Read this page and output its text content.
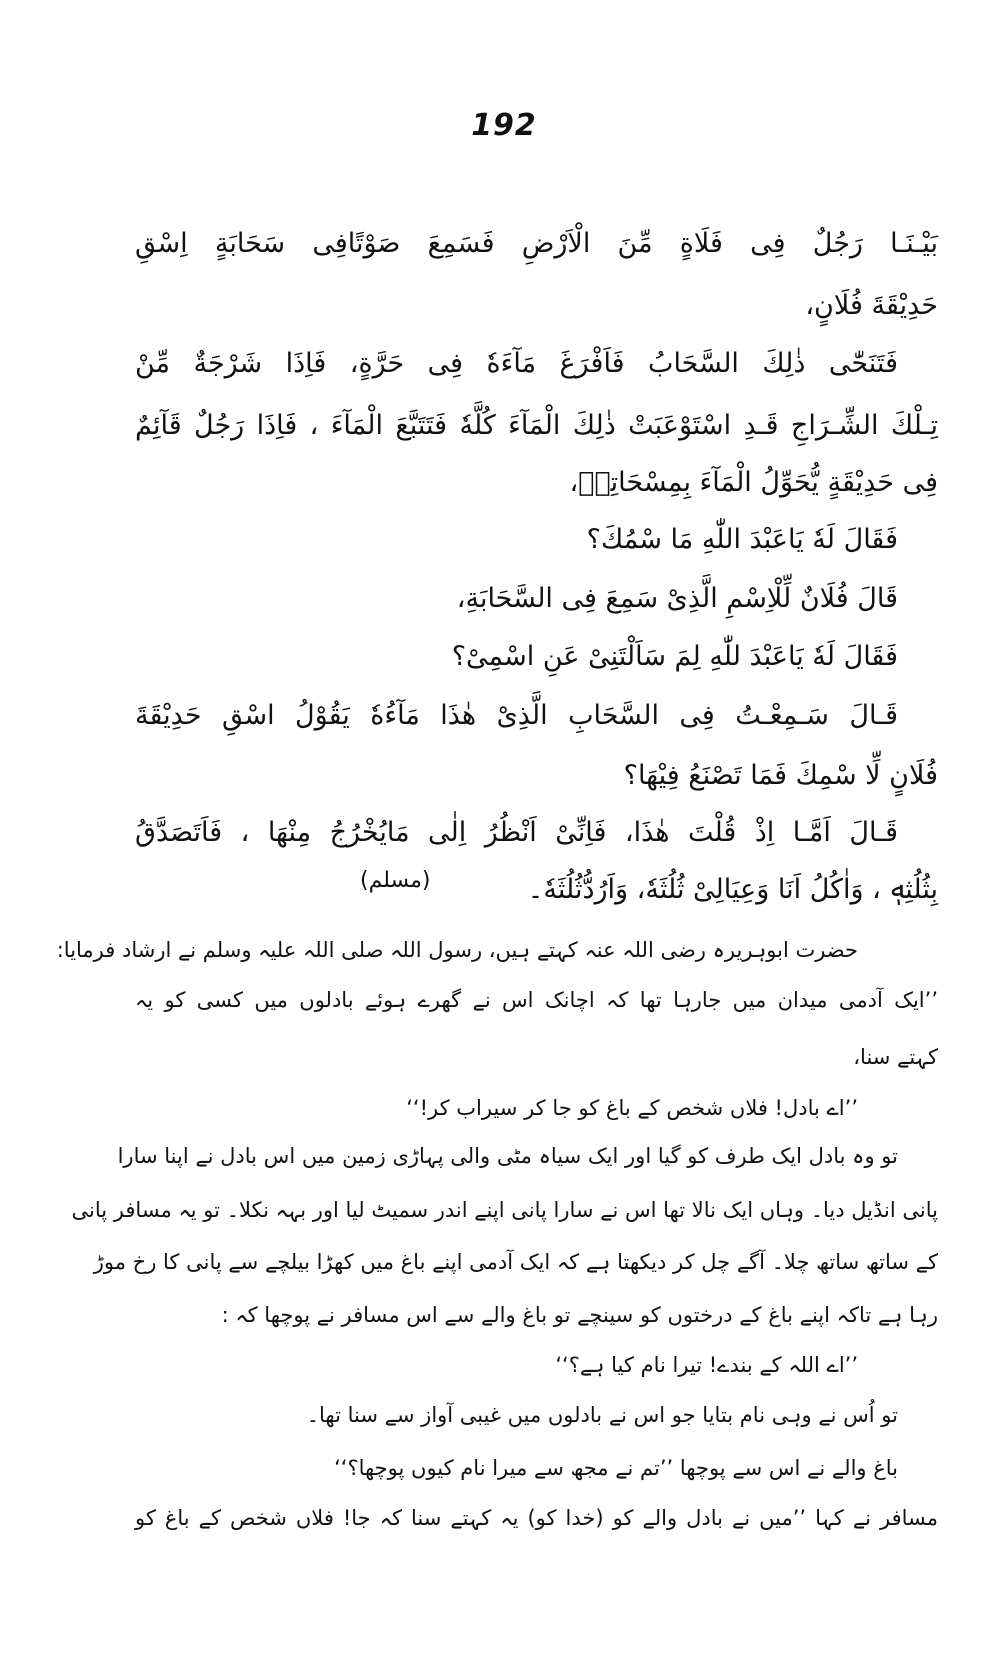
192
بَيْـنَـا رَجُلٌ فِى فَلَاةٍ مِّنَ الْاَرْضِ فَسَمِعَ صَوْتًافِى سَحَابَةٍ اِسْقِ
حَدِيْقَةَ فُلَانٍ،
فَتَنَحّٰى ذٰلِكَ السَّحَابُ فَاَفْرَغَ مَآءَهٗ فِى حَرَّةٍ، فَاِذَا شَرْجَةٌ مِّنْ
تِـلْكَ الشِّـرَاجِ قَـدِ اسْتَوْعَبَتْ ذٰلِكَ الْمَآءَ كُلَّهٗ فَتَتَبَّعَ الْمَآءَ ، فَاِذَا رَجُلٌ قَآئِمٌ
فِى حَدِيْقَةٍ يُّحَوِّلُ الْمَآءَ بِمِسْحَاتِهٖ،
فَقَالَ لَهٗ يَاعَبْدَ اللّٰهِ مَا سْمُكَ؟
قَالَ فُلَانٌ لِّلْاِسْمِ الَّذِىْ سَمِعَ فِى السَّحَابَةِ،
فَقَالَ لَهٗ يَاعَبْدَ للّٰهِ لِمَ سَاَلْتَنِىْ عَنِ اسْمِىْ؟
قَـالَ سَـمِعْـتُ فِى السَّحَابِ الَّذِىْ هٰذَا مَآءُهٗ يَقُوْلُ اسْقِ حَدِيْقَةَ
فُلَانٍ لِّا سْمِكَ فَمَا تَصْنَعُ فِيْهَا؟
قَـالَ اَمَّـا اِذْ قُلْتَ هٰذَا، فَاِنِّىْ اَنْظُرُ اِلٰى مَايُخْرُجُ مِنْهَا ، فَاَتَصَدَّقُ
بِثُلُثِهٖ ، وَاٰكُلُ اَنَا وَعِيَالِىْ ثُلُثَهٗ، وَاَرُدُّثُلُثَهٗ۔
(مسلم)
حضرت ابوہریرہ رضی اللہ عنہ کہتے ہیں، رسول اللہ صلی اللہ علیہ وسلم نے ارشاد فرمایا:
’’ایک آدمی میدان میں جارہا تھا کہ اچانک اس نے گھرے ہوئے بادلوں میں کسی کو یہ
کہتے سنا،
’’اے بادل! فلاں شخص کے باغ کو جا کر سیراب کر!‘‘
تو وہ بادل ایک طرف کو گیا اور ایک سیاہ مٹی والی پہاڑی زمین میں اس بادل نے اپنا سارا
پانی انڈیل دیا۔ وہاں ایک نالا تھا اس نے سارا پانی اپنے اندر سمیٹ لیا اور بہہ نکلا۔ تو یہ مسافر پانی
کے ساتھ ساتھ چلا۔ آگے چل کر دیکھتا ہے کہ ایک آدمی اپنے باغ میں کھڑا بیلچے سے پانی کا رخ موڑ
رہا ہے تاکہ اپنے باغ کے درختوں کو سینچے تو باغ والے سے اس مسافر نے پوچھا کہ :
’’اے اللہ کے بندے! تیرا نام کیا ہے؟‘‘
تو اُس نے وہی نام بتایا جو اس نے بادلوں میں غیبی آواز سے سنا تھا۔
باغ والے نے اس سے پوچھا ’’تم نے مجھ سے میرا نام کیوں پوچھا؟‘‘
مسافر نے کہا ’’میں نے بادل والے کو (خدا کو) یہ کہتے سنا کہ جا! فلاں شخص کے باغ کو
